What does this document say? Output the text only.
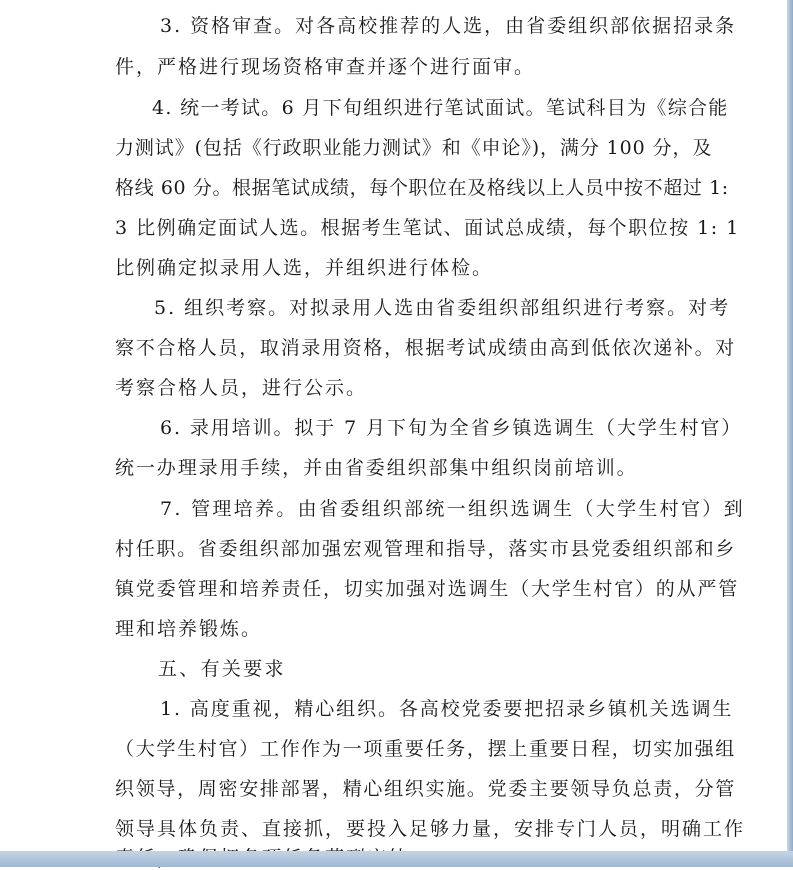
3. 资格审查。对各高校推荐的人选，由省委组织部依据招录条
件，严格进行现场资格审查并逐个进行面审。
4. 统一考试。6 月下旬组织进行笔试面试。笔试科目为《综合能
力测试》(包括《行政职业能力测试》和《申论》)，满分 100 分，及
格线 60 分。根据笔试成绩，每个职位在及格线以上人员中按不超过 1:
3 比例确定面试人选。根据考生笔试、面试总成绩，每个职位按 1: 1
比例确定拟录用人选，并组织进行体检。
5. 组织考察。对拟录用人选由省委组织部组织进行考察。对考
察不合格人员，取消录用资格，根据考试成绩由高到低依次递补。对
考察合格人员，进行公示。
6. 录用培训。拟于 7 月下旬为全省乡镇选调生（大学生村官）
统一办理录用手续，并由省委组织部集中组织岗前培训。
7. 管理培养。由省委组织部统一组织选调生（大学生村官）到
村任职。省委组织部加强宏观管理和指导，落实市县党委组织部和乡
镇党委管理和培养责任，切实加强对选调生（大学生村官）的从严管
理和培养锻炼。
五、有关要求
1. 高度重视，精心组织。各高校党委要把招录乡镇机关选调生
（大学生村官）工作作为一项重要任务，摆上重要日程，切实加强组
织领导，周密安排部署，精心组织实施。党委主要领导负总责，分管
领导具体负责、直接抓，要投入足够力量，安排专门人员，明确工作
